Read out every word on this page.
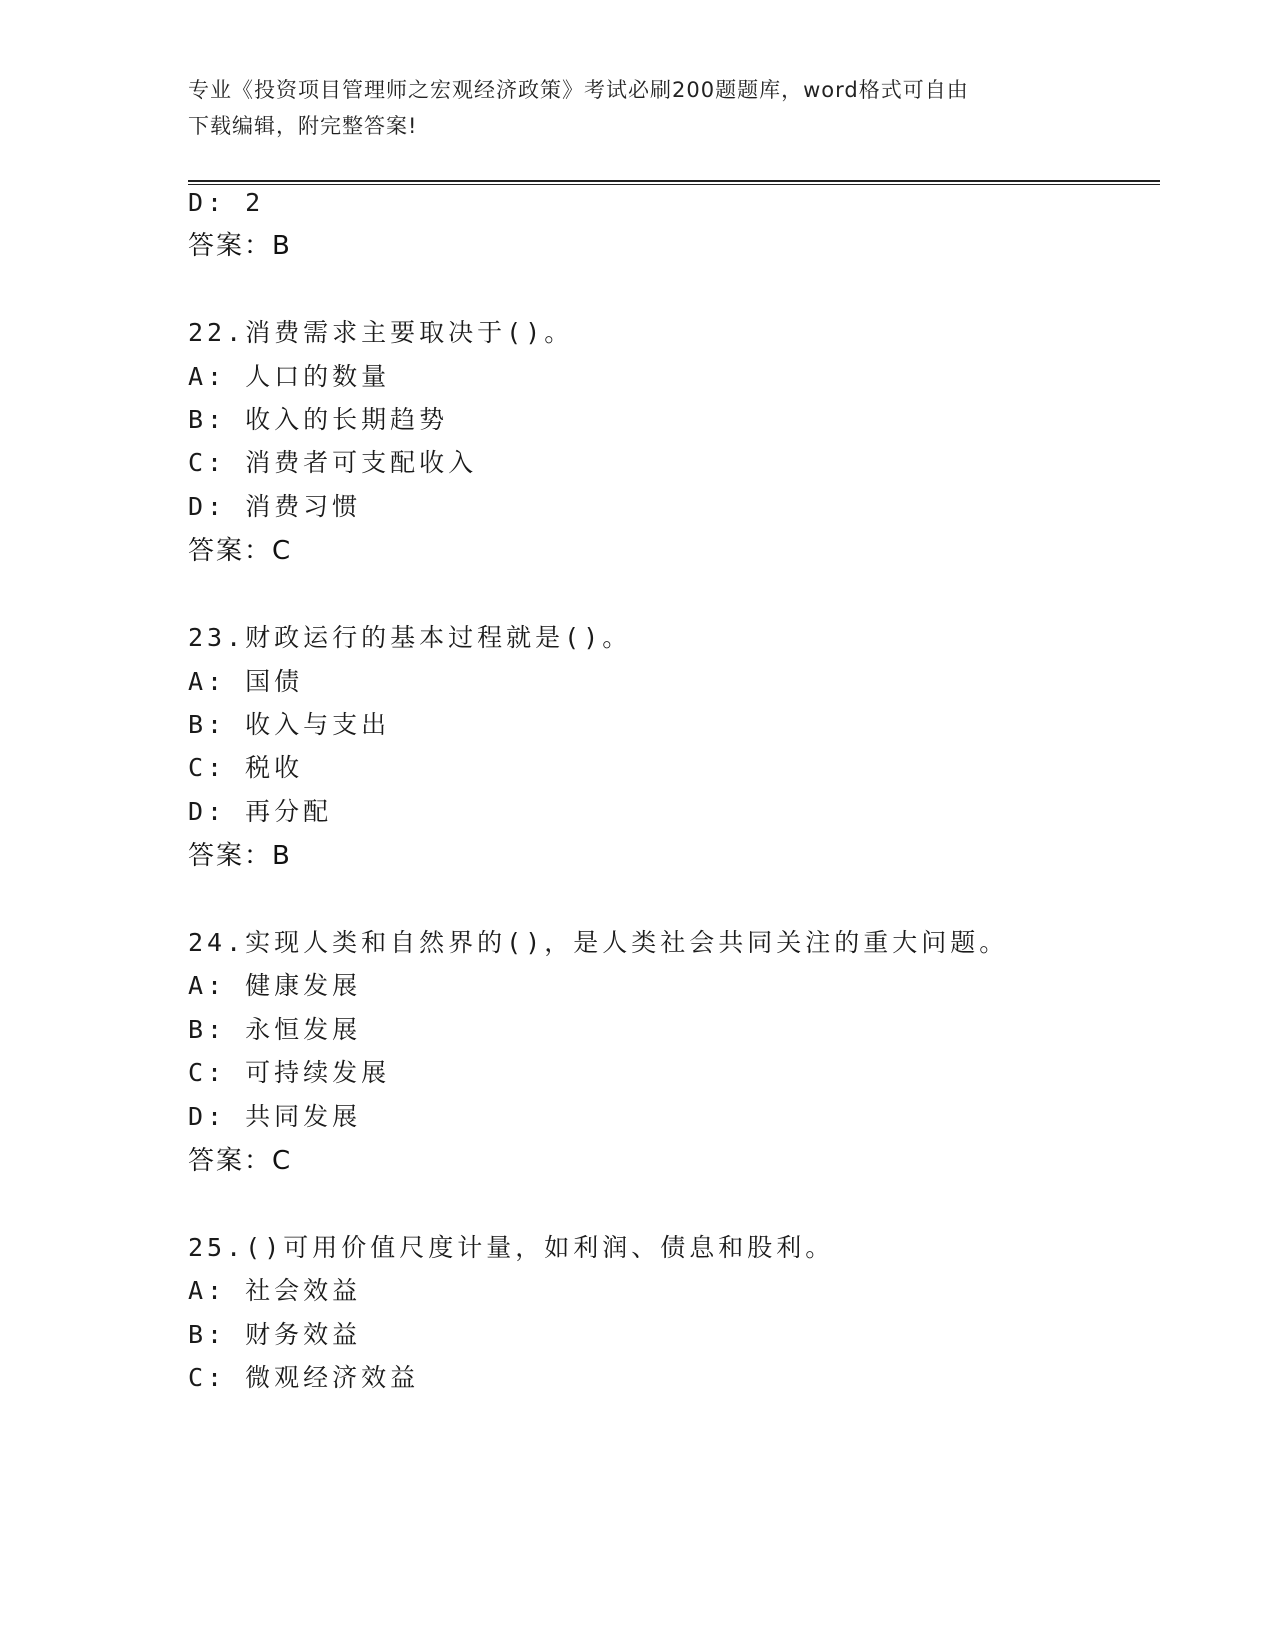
专业《投资项目管理师之宏观经济政策》考试必刷200题题库，word格式可自由
下载编辑，附完整答案!
D: 2
答案：B
22.消费需求主要取决于()。
A: 人口的数量
B: 收入的长期趋势
C: 消费者可支配收入
D: 消费习惯
答案：C
23.财政运行的基本过程就是()。
A: 国债
B: 收入与支出
C: 税收
D: 再分配
答案：B
24.实现人类和自然界的()，是人类社会共同关注的重大问题。
A: 健康发展
B: 永恒发展
C: 可持续发展
D: 共同发展
答案：C
25.()可用价值尺度计量，如利润、债息和股利。
A: 社会效益
B: 财务效益
C: 微观经济效益
